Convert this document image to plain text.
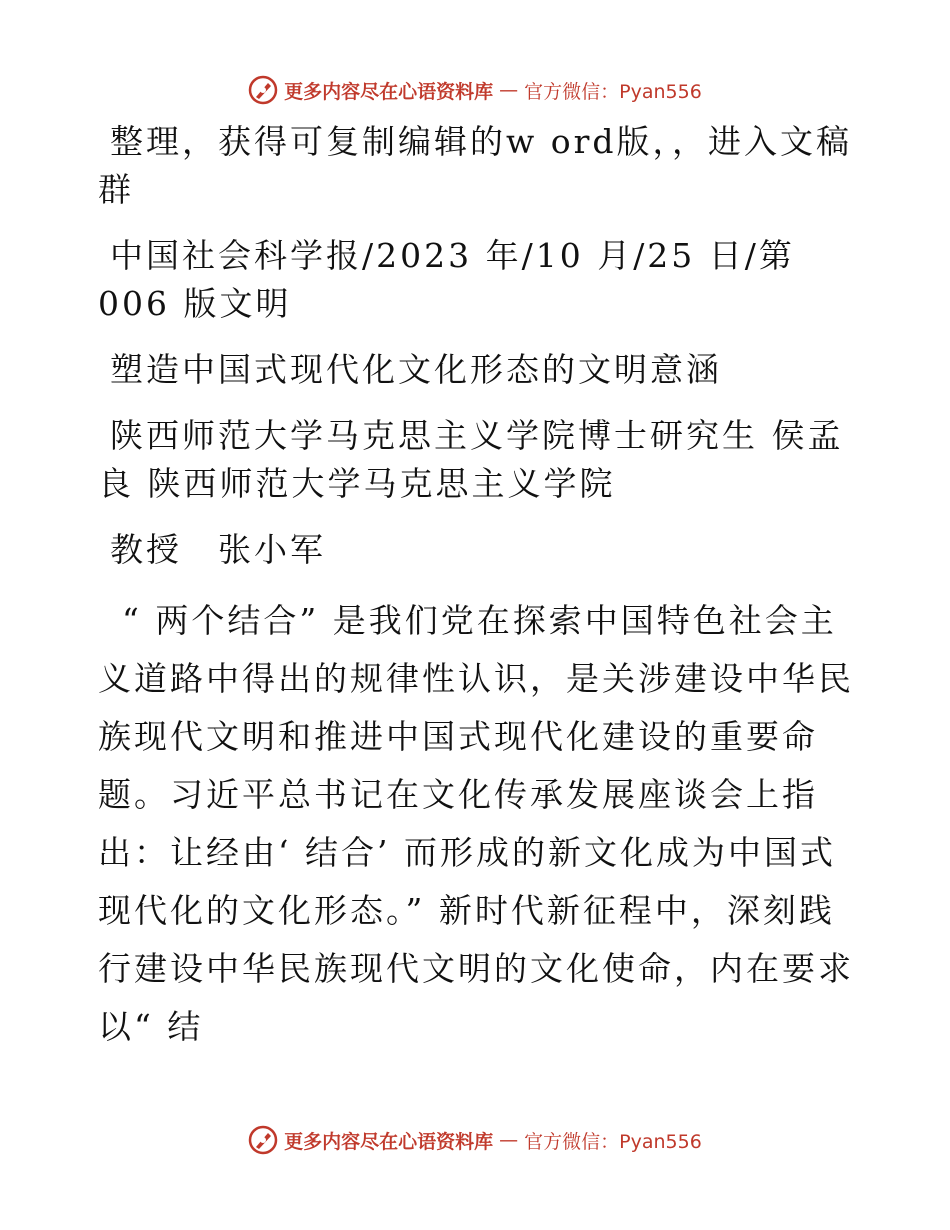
更多内容尽在心语资料库 — 官方微信：Pyan556

整理，获得可复制编辑的w ord版，，进入文稿群

中国社会科学报/2023 年/10 月/25 日/第 006 版文明

塑造中国式现代化文化形态的文明意涵

陕西师范大学马克思主义学院博士研究生 侯孟良 陕西师范大学马克思主义学院

教授　张小军

“ 两个结合” 是我们党在探索中国特色社会主义道路中得出的规律性认识，是关涉建设中华民族现代文明和推进中国式现代化建设的重要命题。习近平总书记在文化传承发展座谈会上指出：让经由‘ 结合’ 而形成的新文化成为中国式现代化的文化形态。” 新时代新征程中，深刻践行建设中华民族现代文明的文化使命，内在要求以“ 结

更多内容尽在心语资料库 — 官方微信：Pyan556
